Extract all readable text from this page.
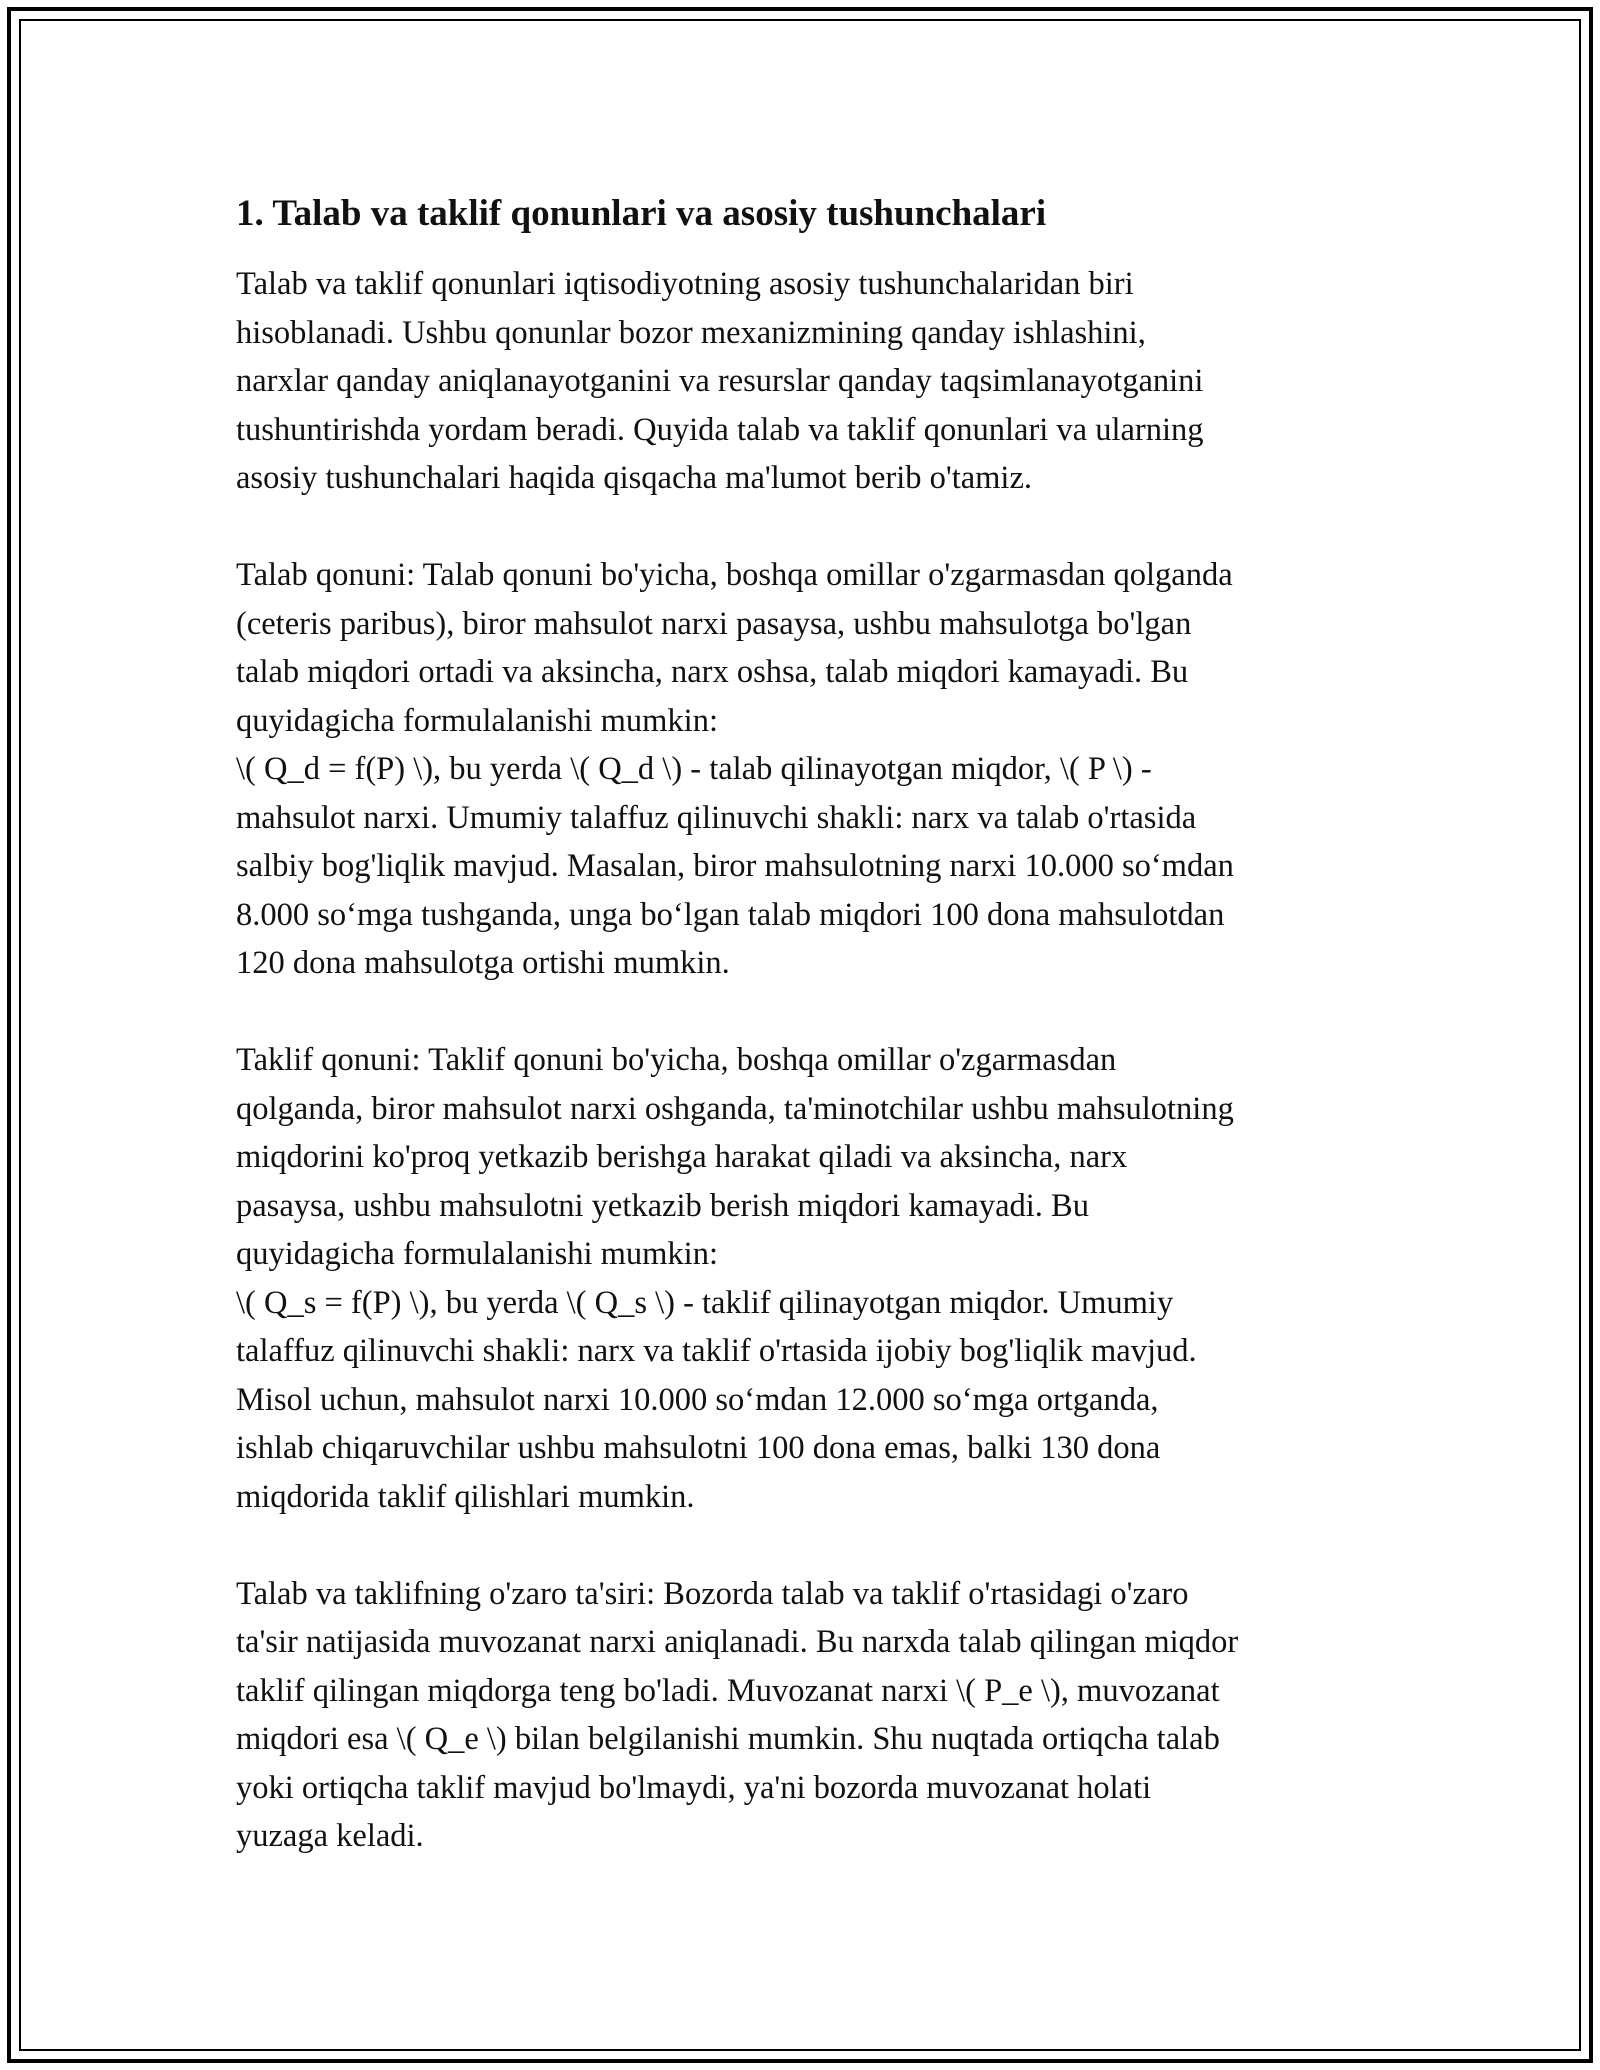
1. Talab va taklif qonunlari va asosiy tushunchalari

Talab va taklif qonunlari iqtisodiyotning asosiy tushunchalaridan biri
hisoblanadi. Ushbu qonunlar bozor mexanizmining qanday ishlashini,
narxlar qanday aniqlanayotganini va resurslar qanday taqsimlanayotganini
tushuntirishda yordam beradi. Quyida talab va taklif qonunlari va ularning
asosiy tushunchalari haqida qisqacha ma'lumot berib o'tamiz.

Talab qonuni: Talab qonuni bo'yicha, boshqa omillar o'zgarmasdan qolganda
(ceteris paribus), biror mahsulot narxi pasaysa, ushbu mahsulotga bo'lgan
talab miqdori ortadi va aksincha, narx oshsa, talab miqdori kamayadi. Bu
quyidagicha formulalanishi mumkin:
\( Q_d = f(P) \), bu yerda \( Q_d \) - talab qilinayotgan miqdor, \( P \) -
mahsulot narxi. Umumiy talaffuz qilinuvchi shakli: narx va talab o'rtasida
salbiy bog'liqlik mavjud. Masalan, biror mahsulotning narxi 10.000 so‘mdan
8.000 so‘mga tushganda, unga bo‘lgan talab miqdori 100 dona mahsulotdan
120 dona mahsulotga ortishi mumkin.

Taklif qonuni: Taklif qonuni bo'yicha, boshqa omillar o'zgarmasdan
qolganda, biror mahsulot narxi oshganda, ta'minotchilar ushbu mahsulotning
miqdorini ko'proq yetkazib berishga harakat qiladi va aksincha, narx
pasaysa, ushbu mahsulotni yetkazib berish miqdori kamayadi. Bu
quyidagicha formulalanishi mumkin:
\( Q_s = f(P) \), bu yerda \( Q_s \) - taklif qilinayotgan miqdor. Umumiy
talaffuz qilinuvchi shakli: narx va taklif o'rtasida ijobiy bog'liqlik mavjud.
Misol uchun, mahsulot narxi 10.000 so‘mdan 12.000 so‘mga ortganda,
ishlab chiqaruvchilar ushbu mahsulotni 100 dona emas, balki 130 dona
miqdorida taklif qilishlari mumkin.

Talab va taklifning o'zaro ta'siri: Bozorda talab va taklif o'rtasidagi o'zaro
ta'sir natijasida muvozanat narxi aniqlanadi. Bu narxda talab qilingan miqdor
taklif qilingan miqdorga teng bo'ladi. Muvozanat narxi \( P_e \), muvozanat
miqdori esa \( Q_e \) bilan belgilanishi mumkin. Shu nuqtada ortiqcha talab
yoki ortiqcha taklif mavjud bo'lmaydi, ya'ni bozorda muvozanat holati
yuzaga keladi.
